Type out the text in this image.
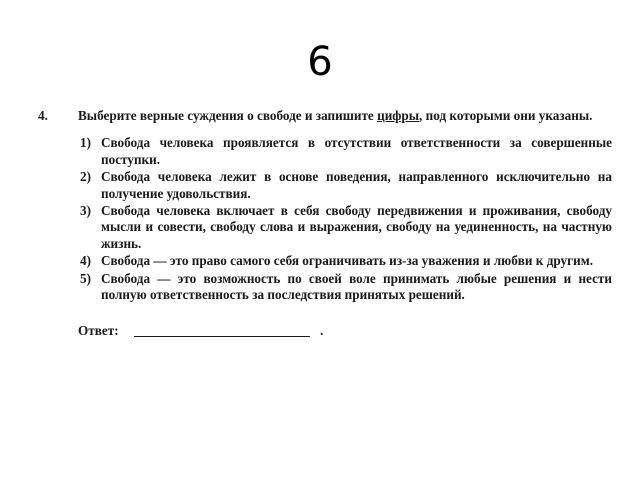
6
4. Выберите верные суждения о свободе и запишите цифры, под которыми они указаны.
1) Свобода человека проявляется в отсутствии ответственности за совершенные поступки.
2) Свобода человека лежит в основе поведения, направленного исключительно на получение удовольствия.
3) Свобода человека включает в себя свободу передвижения и проживания, свободу мысли и совести, свободу слова и выражения, свободу на уединенность, на частную жизнь.
4) Свобода — это право самого себя ограничивать из-за уважения и любви к другим.
5) Свобода — это возможность по своей воле принимать любые решения и нести полную ответственность за последствия принятых решений.
Ответ:	.
